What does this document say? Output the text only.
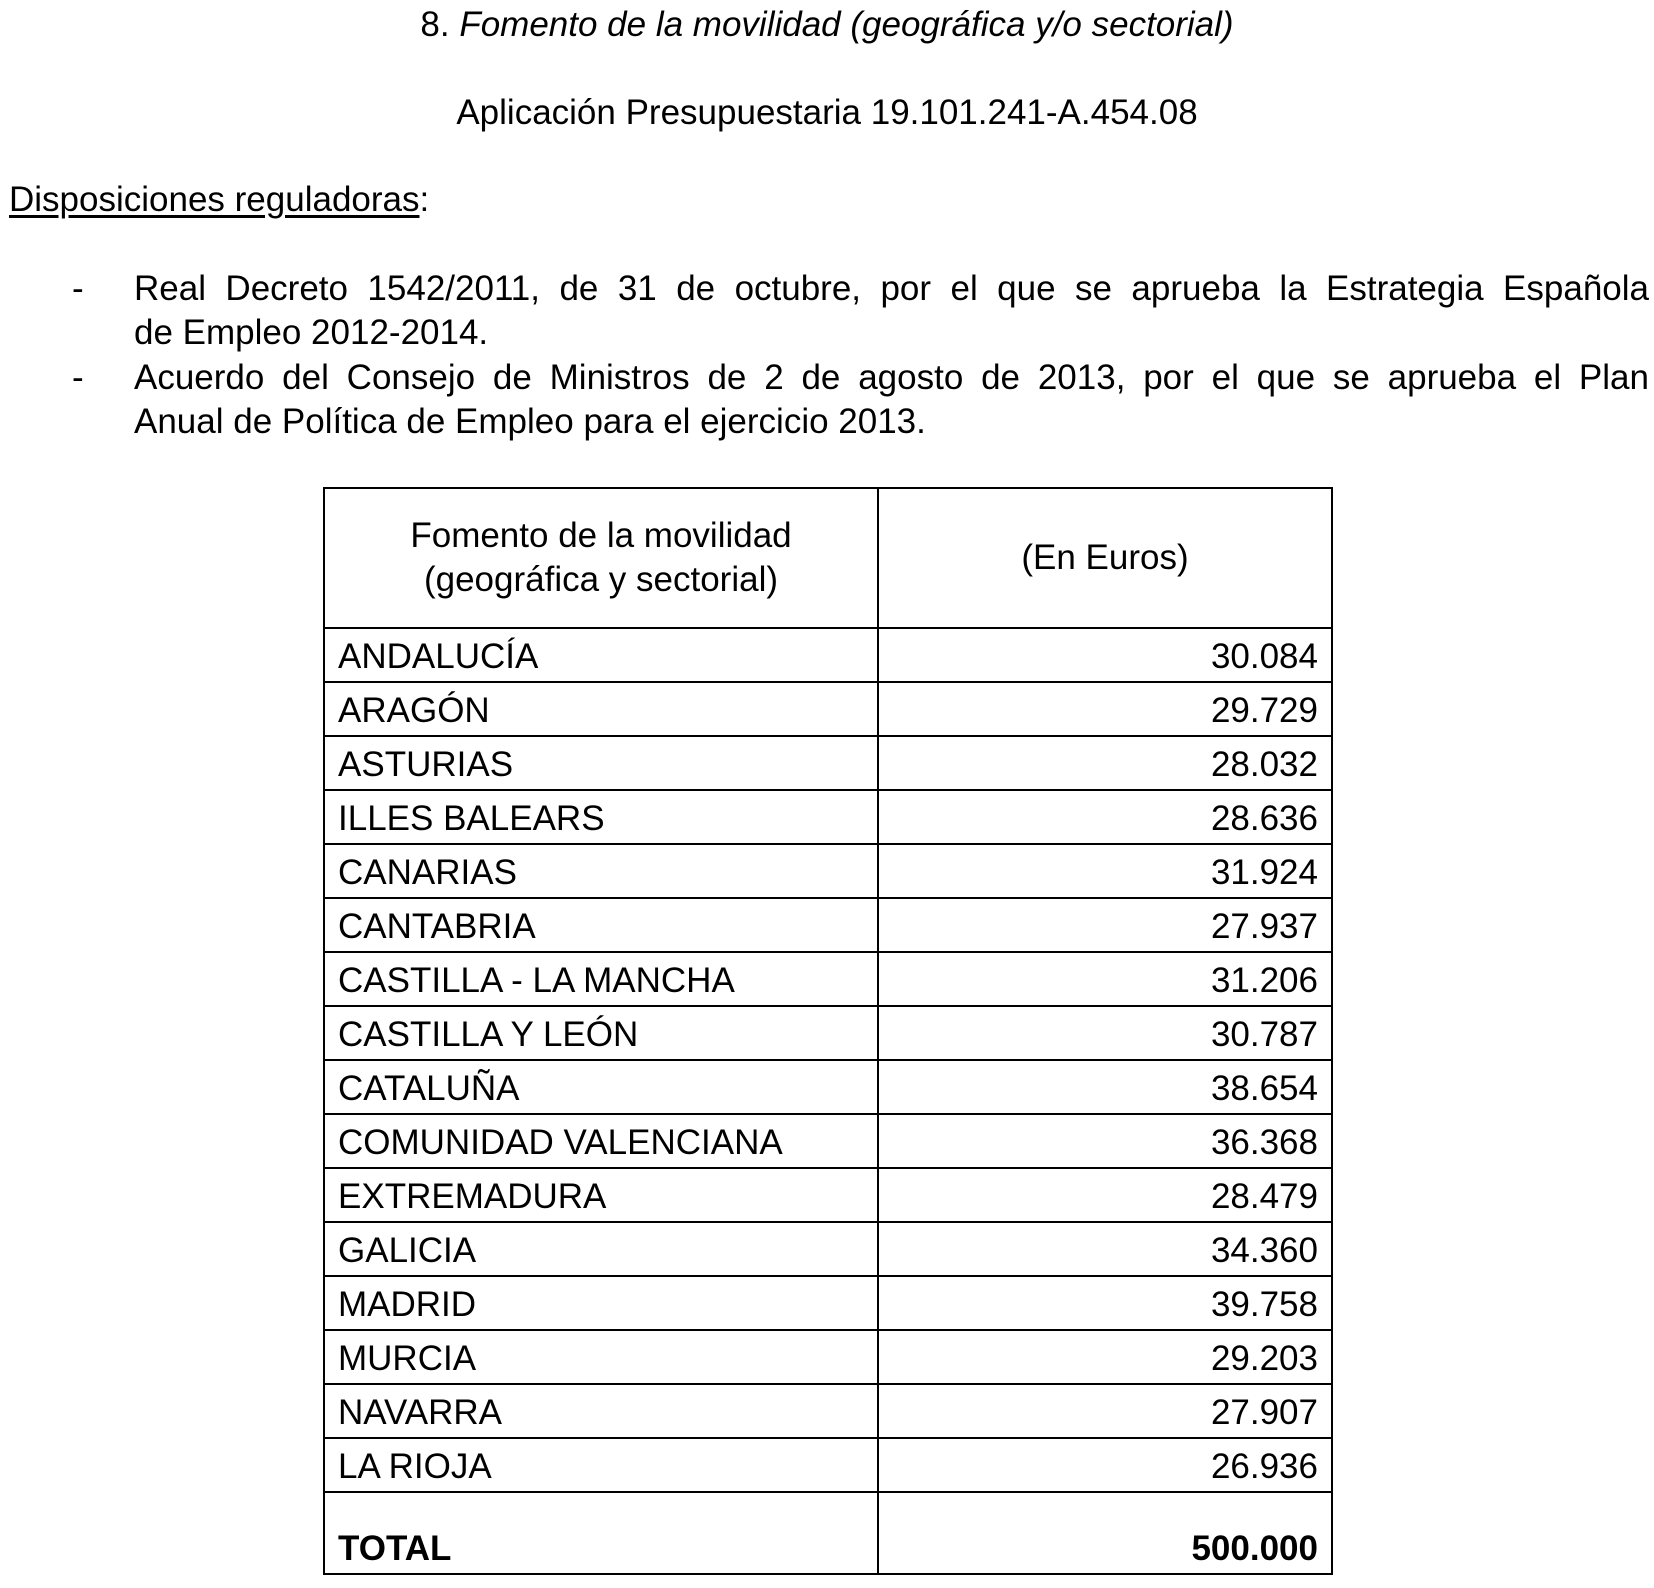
8. Fomento de la movilidad (geográfica y/o sectorial)
Aplicación Presupuestaria 19.101.241-A.454.08
Disposiciones reguladoras:
- Real Decreto 1542/2011, de 31 de octubre, por el que se aprueba la Estrategia Española
de Empleo 2012-2014.
- Acuerdo del Consejo de Ministros de 2 de agosto de 2013, por el que se aprueba el Plan
Anual de Política de Empleo para el ejercicio 2013.
Fomento de la movilidad
(geográfica y sectorial)	(En Euros)
ANDALUCÍA	30.084
ARAGÓN	29.729
ASTURIAS	28.032
ILLES BALEARS	28.636
CANARIAS	31.924
CANTABRIA	27.937
CASTILLA - LA MANCHA	31.206
CASTILLA Y LEÓN	30.787
CATALUÑA	38.654
COMUNIDAD VALENCIANA	36.368
EXTREMADURA	28.479
GALICIA	34.360
MADRID	39.758
MURCIA	29.203
NAVARRA	27.907
LA RIOJA	26.936
TOTAL	500.000
